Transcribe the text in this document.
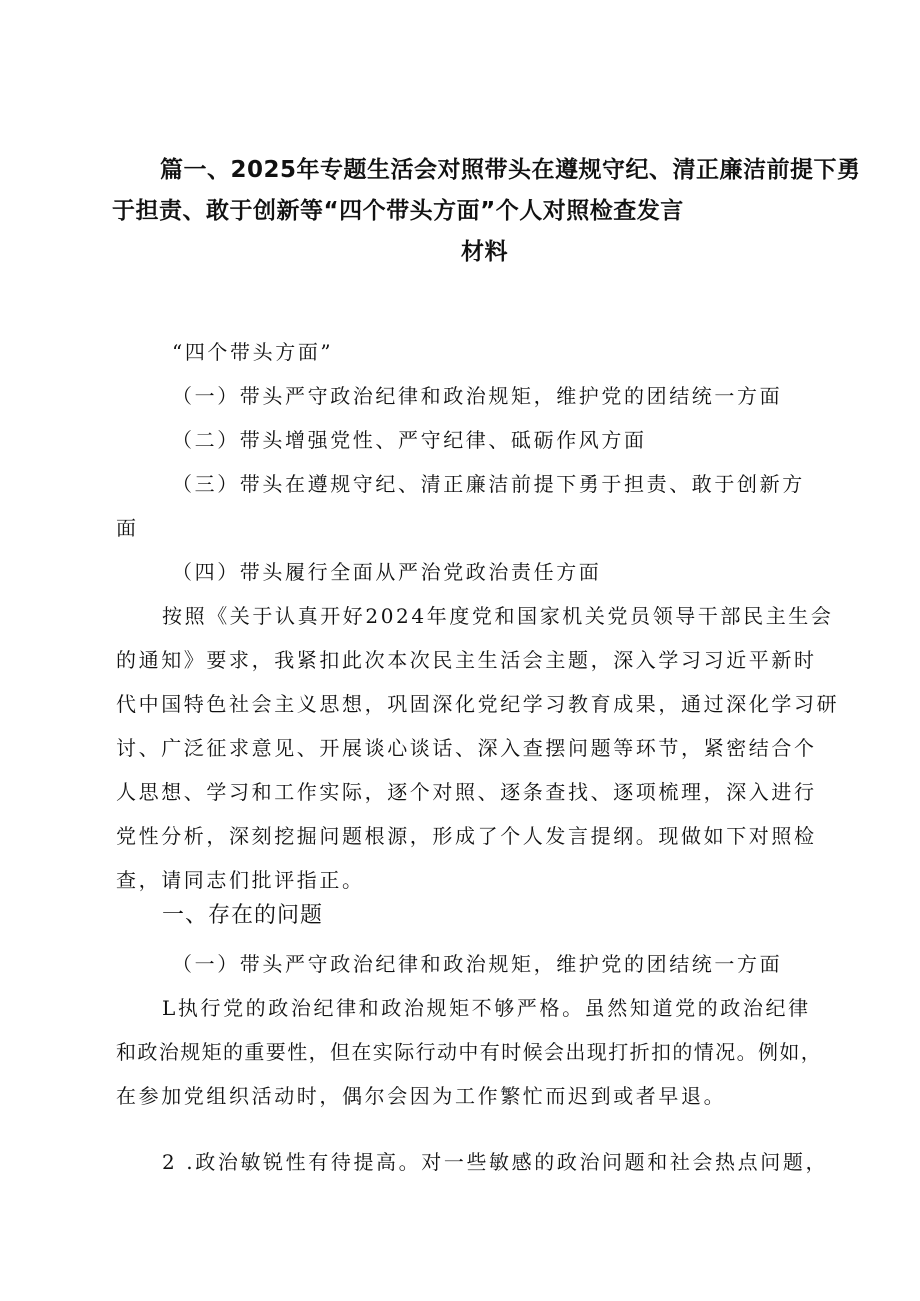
篇一、2025年专题生活会对照带头在遵规守纪、清正廉洁前提下勇
于担责、敢于创新等“四个带头方面”个人对照检查发言
材料
“四个带头方面”
（一）带头严守政治纪律和政治规矩，维护党的团结统一方面
（二）带头增强党性、严守纪律、砥砺作风方面
（三）带头在遵规守纪、清正廉洁前提下勇于担责、敢于创新方
面
（四）带头履行全面从严治党政治责任方面
按照《关于认真开好2024年度党和国家机关党员领导干部民主生会
的通知》要求，我紧扣此次本次民主生活会主题，深入学习习近平新时
代中国特色社会主义思想，巩固深化党纪学习教育成果，通过深化学习研
讨、广泛征求意见、开展谈心谈话、深入查摆问题等环节，紧密结合个
人思想、学习和工作实际，逐个对照、逐条查找、逐项梳理，深入进行
党性分析，深刻挖掘问题根源，形成了个人发言提纲。现做如下对照检
查，请同志们批评指正。
一、存在的问题
（一）带头严守政治纪律和政治规矩，维护党的团结统一方面
L执行党的政治纪律和政治规矩不够严格。虽然知道党的政治纪律
和政治规矩的重要性，但在实际行动中有时候会出现打折扣的情况。例如，
在参加党组织活动时，偶尔会因为工作繁忙而迟到或者早退。
2 .政治敏锐性有待提高。对一些敏感的政治问题和社会热点问题，
